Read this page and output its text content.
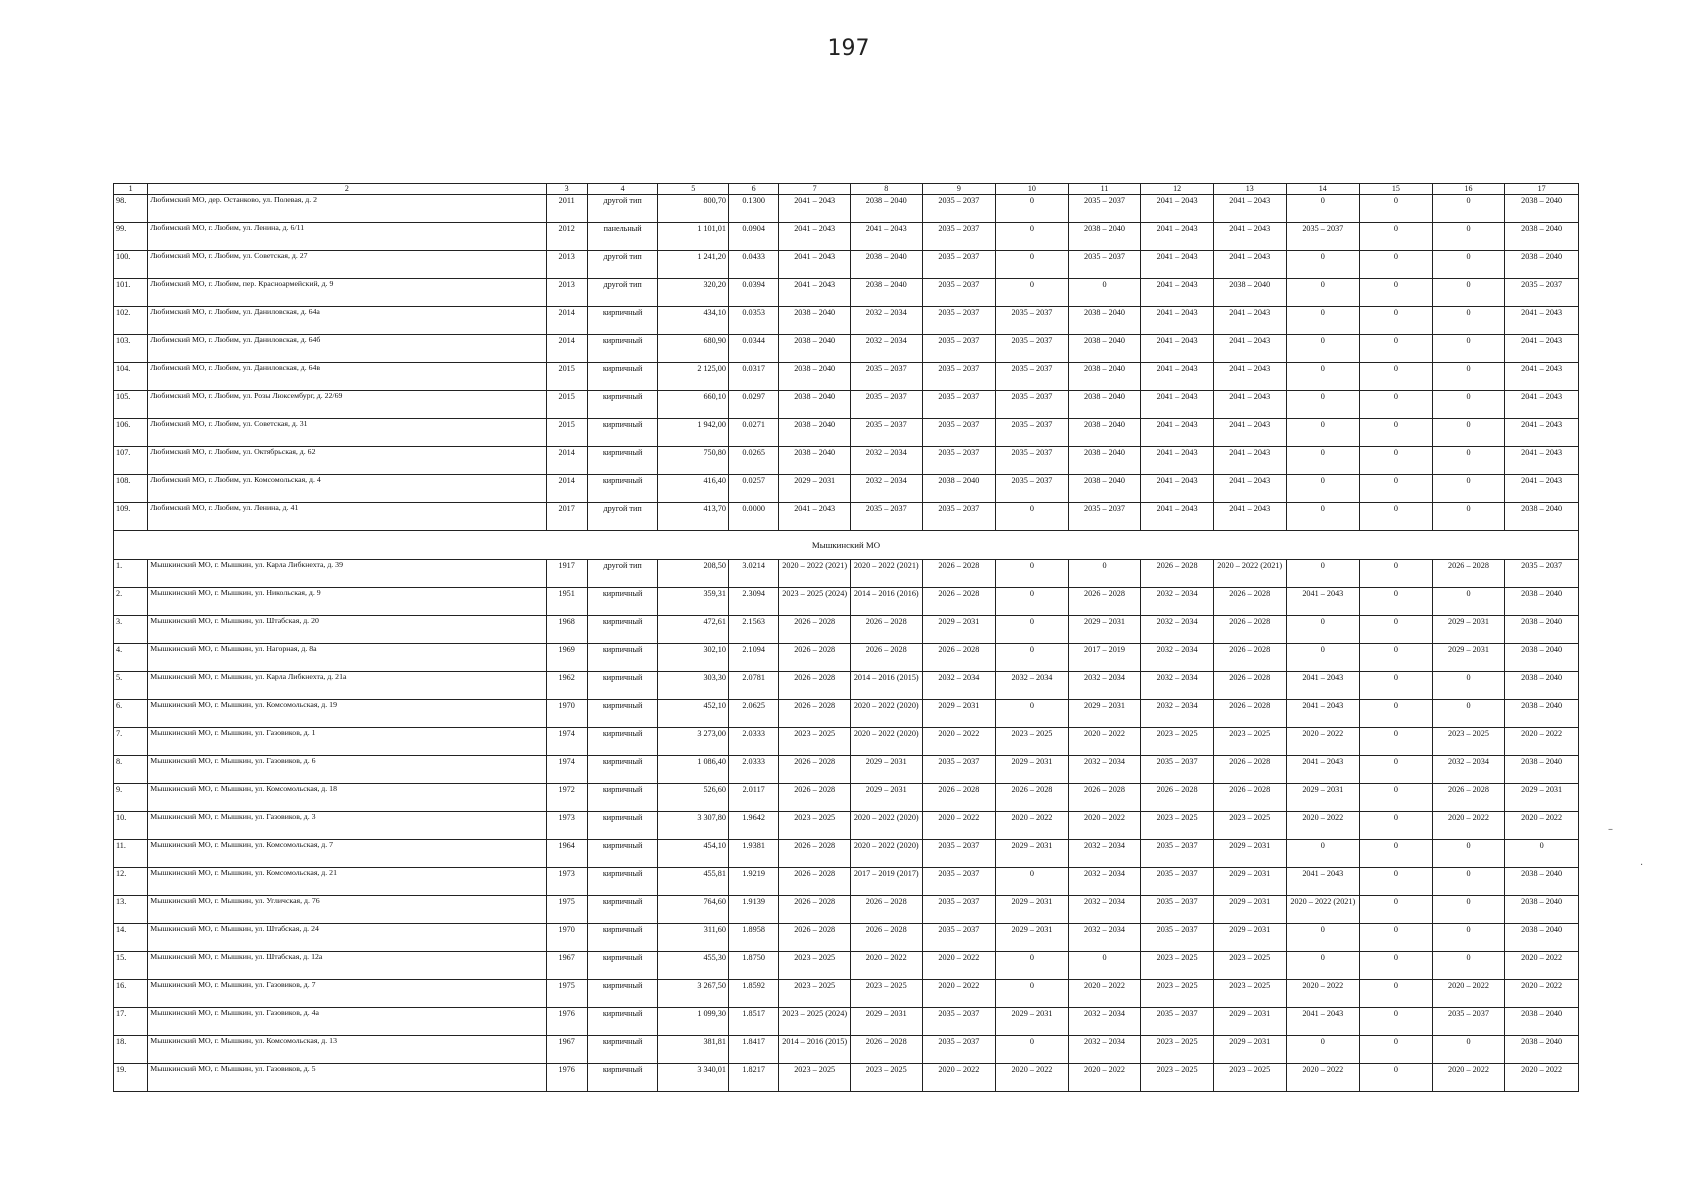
197
1	2	3	4	5	6	7	8	9	10	11	12	13	14	15	16	17
98.	Любимский МО, дер. Останково, ул. Полевая, д. 2	2011	другой тип	800,70	0.1300	2041 – 2043	2038 – 2040	2035 – 2037	0	2035 – 2037	2041 – 2043	2041 – 2043	0	0	0	2038 – 2040
99.	Любимский МО, г. Любим, ул. Ленина, д. 6/11	2012	панельный	1 101,01	0.0904	2041 – 2043	2041 – 2043	2035 – 2037	0	2038 – 2040	2041 – 2043	2041 – 2043	2035 – 2037	0	0	2038 – 2040
100.	Любимский МО, г. Любим, ул. Советская, д. 27	2013	другой тип	1 241,20	0.0433	2041 – 2043	2038 – 2040	2035 – 2037	0	2035 – 2037	2041 – 2043	2041 – 2043	0	0	0	2038 – 2040
101.	Любимский МО, г. Любим, пер. Красноармейский, д. 9	2013	другой тип	320,20	0.0394	2041 – 2043	2038 – 2040	2035 – 2037	0	0	2041 – 2043	2038 – 2040	0	0	0	2035 – 2037
102.	Любимский МО, г. Любим, ул. Даниловская, д. 64а	2014	кирпичный	434,10	0.0353	2038 – 2040	2032 – 2034	2035 – 2037	2035 – 2037	2038 – 2040	2041 – 2043	2041 – 2043	0	0	0	2041 – 2043
103.	Любимский МО, г. Любим, ул. Даниловская, д. 64б	2014	кирпичный	680,90	0.0344	2038 – 2040	2032 – 2034	2035 – 2037	2035 – 2037	2038 – 2040	2041 – 2043	2041 – 2043	0	0	0	2041 – 2043
104.	Любимский МО, г. Любим, ул. Даниловская, д. 64в	2015	кирпичный	2 125,00	0.0317	2038 – 2040	2035 – 2037	2035 – 2037	2035 – 2037	2038 – 2040	2041 – 2043	2041 – 2043	0	0	0	2041 – 2043
105.	Любимский МО, г. Любим, ул. Розы Люксембург, д. 22/69	2015	кирпичный	660,10	0.0297	2038 – 2040	2035 – 2037	2035 – 2037	2035 – 2037	2038 – 2040	2041 – 2043	2041 – 2043	0	0	0	2041 – 2043
106.	Любимский МО, г. Любим, ул. Советская, д. 31	2015	кирпичный	1 942,00	0.0271	2038 – 2040	2035 – 2037	2035 – 2037	2035 – 2037	2038 – 2040	2041 – 2043	2041 – 2043	0	0	0	2041 – 2043
107.	Любимский МО, г. Любим, ул. Октябрьская, д. 62	2014	кирпичный	750,80	0.0265	2038 – 2040	2032 – 2034	2035 – 2037	2035 – 2037	2038 – 2040	2041 – 2043	2041 – 2043	0	0	0	2041 – 2043
108.	Любимский МО, г. Любим, ул. Комсомольская, д. 4	2014	кирпичный	416,40	0.0257	2029 – 2031	2032 – 2034	2038 – 2040	2035 – 2037	2038 – 2040	2041 – 2043	2041 – 2043	0	0	0	2041 – 2043
109.	Любимский МО, г. Любим, ул. Ленина, д. 41	2017	другой тип	413,70	0.0000	2041 – 2043	2035 – 2037	2035 – 2037	0	2035 – 2037	2041 – 2043	2041 – 2043	0	0	0	2038 – 2040
Мышкинский МО																
1.	Мышкинский МО, г. Мышкин, ул. Карла Либкнехта, д. 39	1917	другой тип	208,50	3.0214	2020 – 2022 (2021)	2020 – 2022 (2021)	2026 – 2028	0	0	2026 – 2028	2020 – 2022 (2021)	0	0	2026 – 2028	2035 – 2037
2.	Мышкинский МО, г. Мышкин, ул. Никольская, д. 9	1951	кирпичный	359,31	2.3094	2023 – 2025 (2024)	2014 – 2016 (2016)	2026 – 2028	0	2026 – 2028	2032 – 2034	2026 – 2028	2041 – 2043	0	0	2038 – 2040
3.	Мышкинский МО, г. Мышкин, ул. Штабская, д. 20	1968	кирпичный	472,61	2.1563	2026 – 2028	2026 – 2028	2029 – 2031	0	2029 – 2031	2032 – 2034	2026 – 2028	0	0	2029 – 2031	2038 – 2040
4.	Мышкинский МО, г. Мышкин, ул. Нагорная, д. 8а	1969	кирпичный	302,10	2.1094	2026 – 2028	2026 – 2028	2026 – 2028	0	2017 – 2019	2032 – 2034	2026 – 2028	0	0	2029 – 2031	2038 – 2040
5.	Мышкинский МО, г. Мышкин, ул. Карла Либкнехта, д. 21а	1962	кирпичный	303,30	2.0781	2026 – 2028	2014 – 2016 (2015)	2032 – 2034	2032 – 2034	2032 – 2034	2032 – 2034	2026 – 2028	2041 – 2043	0	0	2038 – 2040
6.	Мышкинский МО, г. Мышкин, ул. Комсомольская, д. 19	1970	кирпичный	452,10	2.0625	2026 – 2028	2020 – 2022 (2020)	2029 – 2031	0	2029 – 2031	2032 – 2034	2026 – 2028	2041 – 2043	0	0	2038 – 2040
7.	Мышкинский МО, г. Мышкин, ул. Газовиков, д. 1	1974	кирпичный	3 273,00	2.0333	2023 – 2025	2020 – 2022 (2020)	2020 – 2022	2023 – 2025	2020 – 2022	2023 – 2025	2023 – 2025	2020 – 2022	0	2023 – 2025	2020 – 2022
8.	Мышкинский МО, г. Мышкин, ул. Газовиков, д. 6	1974	кирпичный	1 086,40	2.0333	2026 – 2028	2029 – 2031	2035 – 2037	2029 – 2031	2032 – 2034	2035 – 2037	2026 – 2028	2041 – 2043	0	2032 – 2034	2038 – 2040
9.	Мышкинский МО, г. Мышкин, ул. Комсомольская, д. 18	1972	кирпичный	526,60	2.0117	2026 – 2028	2029 – 2031	2026 – 2028	2026 – 2028	2026 – 2028	2026 – 2028	2026 – 2028	2029 – 2031	0	2026 – 2028	2029 – 2031
10.	Мышкинский МО, г. Мышкин, ул. Газовиков, д. 3	1973	кирпичный	3 307,80	1.9642	2023 – 2025	2020 – 2022 (2020)	2020 – 2022	2020 – 2022	2020 – 2022	2023 – 2025	2023 – 2025	2020 – 2022	0	2020 – 2022	2020 – 2022
11.	Мышкинский МО, г. Мышкин, ул. Комсомольская, д. 7	1964	кирпичный	454,10	1.9381	2026 – 2028	2020 – 2022 (2020)	2035 – 2037	2029 – 2031	2032 – 2034	2035 – 2037	2029 – 2031	0	0	0	0
12.	Мышкинский МО, г. Мышкин, ул. Комсомольская, д. 21	1973	кирпичный	455,81	1.9219	2026 – 2028	2017 – 2019 (2017)	2035 – 2037	0	2032 – 2034	2035 – 2037	2029 – 2031	2041 – 2043	0	0	2038 – 2040
13.	Мышкинский МО, г. Мышкин, ул. Угличская, д. 76	1975	кирпичный	764,60	1.9139	2026 – 2028	2026 – 2028	2035 – 2037	2029 – 2031	2032 – 2034	2035 – 2037	2029 – 2031	2020 – 2022 (2021)	0	0	2038 – 2040
14.	Мышкинский МО, г. Мышкин, ул. Штабская, д. 24	1970	кирпичный	311,60	1.8958	2026 – 2028	2026 – 2028	2035 – 2037	2029 – 2031	2032 – 2034	2035 – 2037	2029 – 2031	0	0	0	2038 – 2040
15.	Мышкинский МО, г. Мышкин, ул. Штабская, д. 12а	1967	кирпичный	455,30	1.8750	2023 – 2025	2020 – 2022	2020 – 2022	0	0	2023 – 2025	2023 – 2025	0	0	0	2020 – 2022
16.	Мышкинский МО, г. Мышкин, ул. Газовиков, д. 7	1975	кирпичный	3 267,50	1.8592	2023 – 2025	2023 – 2025	2020 – 2022	0	2020 – 2022	2023 – 2025	2023 – 2025	2020 – 2022	0	2020 – 2022	2020 – 2022
17.	Мышкинский МО, г. Мышкин, ул. Газовиков, д. 4а	1976	кирпичный	1 099,30	1.8517	2023 – 2025 (2024)	2029 – 2031	2035 – 2037	2029 – 2031	2032 – 2034	2035 – 2037	2029 – 2031	2041 – 2043	0	2035 – 2037	2038 – 2040
18.	Мышкинский МО, г. Мышкин, ул. Комсомольская, д. 13	1967	кирпичный	381,81	1.8417	2014 – 2016 (2015)	2026 – 2028	2035 – 2037	0	2032 – 2034	2023 – 2025	2029 – 2031	0	0	0	2038 – 2040
19.	Мышкинский МО, г. Мышкин, ул. Газовиков, д. 5	1976	кирпичный	3 340,01	1.8217	2023 – 2025	2023 – 2025	2020 – 2022	2020 – 2022	2020 – 2022	2023 – 2025	2023 – 2025	2020 – 2022	0	2020 – 2022	2020 – 2022
–
·
